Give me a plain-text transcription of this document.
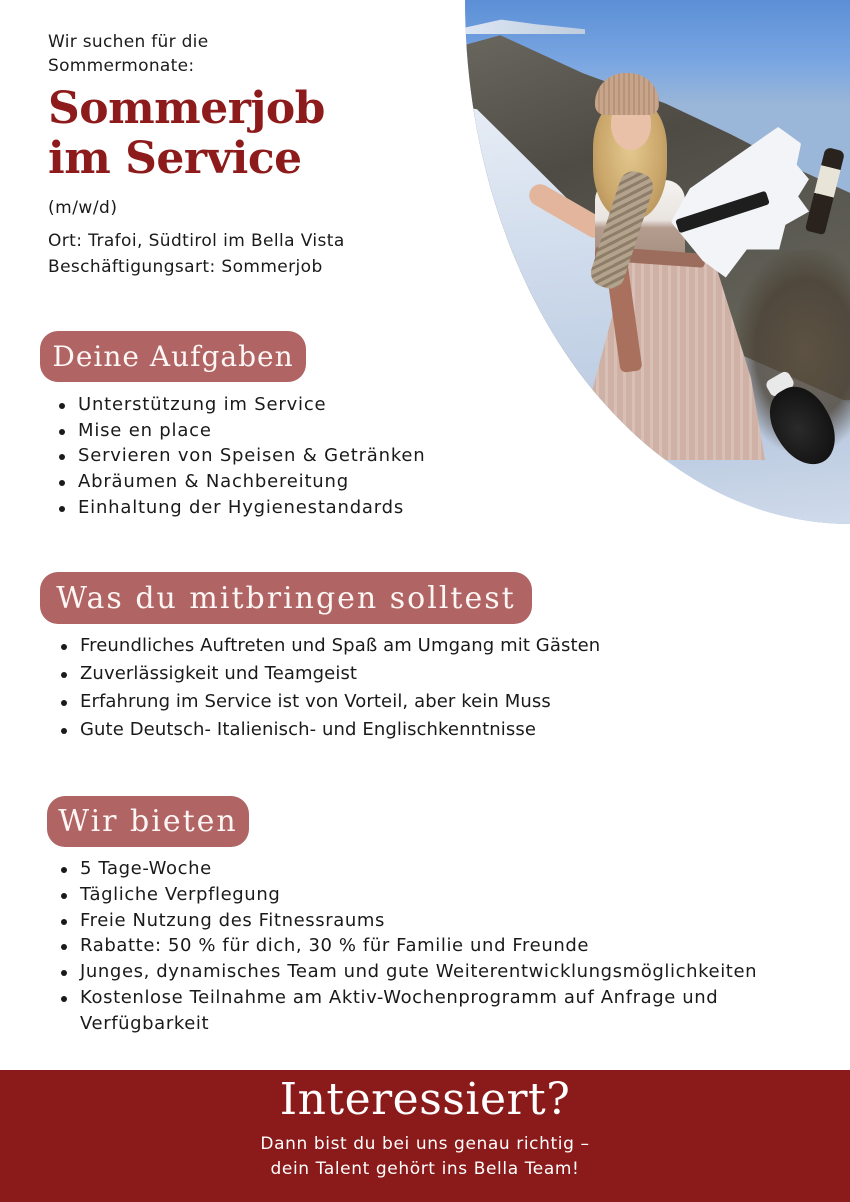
Wir suchen für die
Sommermonate:
Sommerjob
im Service
(m/w/d)
Ort: Trafoi, Südtirol im Bella Vista
Beschäftigungsart: Sommerjob
Deine Aufgaben
Unterstützung im Service
Mise en place
Servieren von Speisen & Getränken
Abräumen & Nachbereitung
Einhaltung der Hygienestandards
Was du mitbringen solltest
Freundliches Auftreten und Spaß am Umgang mit Gästen
Zuverlässigkeit und Teamgeist
Erfahrung im Service ist von Vorteil, aber kein Muss
Gute Deutsch- Italienisch- und Englischkenntnisse
Wir bieten
5 Tage-Woche
Tägliche Verpflegung
Freie Nutzung des Fitnessraums
Rabatte: 50 % für dich, 30 % für Familie und Freunde
Junges, dynamisches Team und gute Weiterentwicklungsmöglichkeiten
Kostenlose Teilnahme am Aktiv-Wochenprogramm auf Anfrage und Verfügbarkeit
Interessiert?
Dann bist du bei uns genau richtig –
dein Talent gehört ins Bella Team!
